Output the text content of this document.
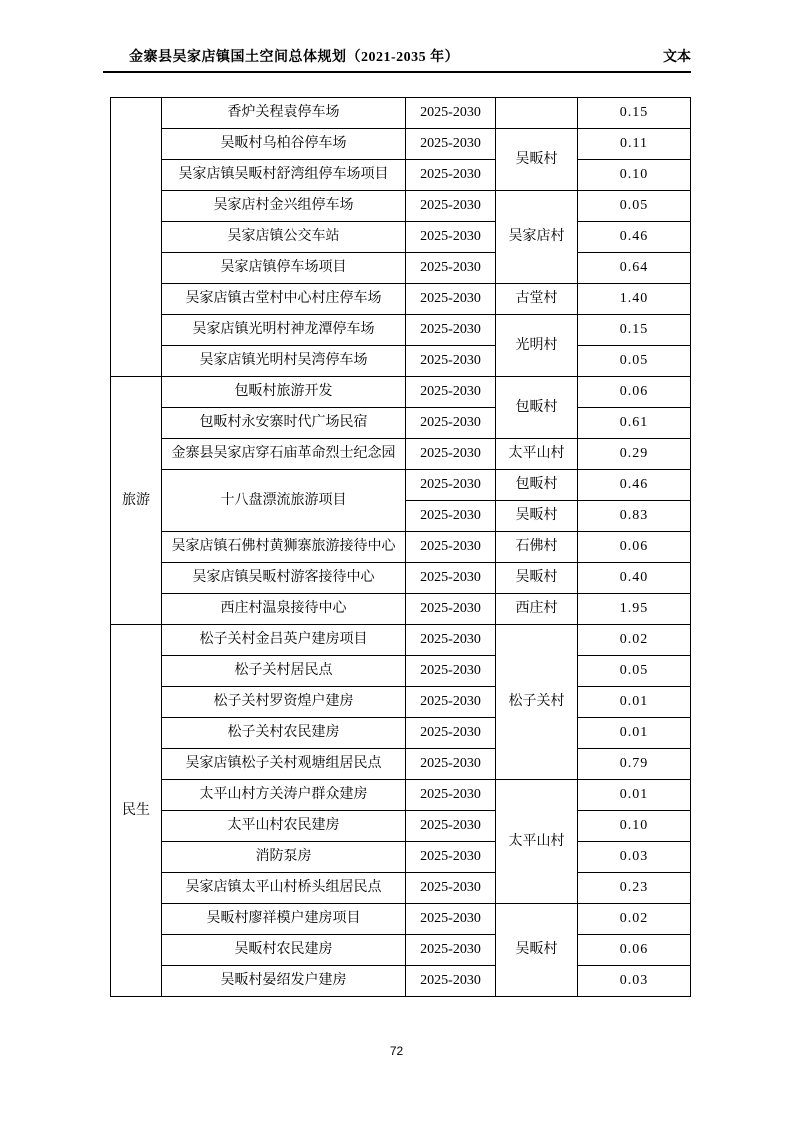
金寨县吴家店镇国土空间总体规划（2021-2035 年）	文本
	香炉关程袁停车场	2025-2030		0.15
	吴畈村乌柏谷停车场	2025-2030	吴畈村	0.11
	吴家店镇吴畈村舒湾组停车场项目	2025-2030		0.10
	吴家店村金兴组停车场	2025-2030	吴家店村	0.05
	吴家店镇公交车站	2025-2030		0.46
	吴家店镇停车场项目	2025-2030		0.64
	吴家店镇古堂村中心村庄停车场	2025-2030	古堂村	1.40
	吴家店镇光明村神龙潭停车场	2025-2030	光明村	0.15
	吴家店镇光明村吴湾停车场	2025-2030		0.05
旅游	包畈村旅游开发	2025-2030	包畈村	0.06
	包畈村永安寨时代广场民宿	2025-2030		0.61
	金寨县吴家店穿石庙革命烈士纪念园	2025-2030	太平山村	0.29
	十八盘漂流旅游项目	2025-2030	包畈村	0.46
		2025-2030	吴畈村	0.83
	吴家店镇石佛村黄狮寨旅游接待中心	2025-2030	石佛村	0.06
	吴家店镇吴畈村游客接待中心	2025-2030	吴畈村	0.40
	西庄村温泉接待中心	2025-2030	西庄村	1.95
民生	松子关村金吕英户建房项目	2025-2030	松子关村	0.02
	松子关村居民点	2025-2030		0.05
	松子关村罗资煌户建房	2025-2030		0.01
	松子关村农民建房	2025-2030		0.01
	吴家店镇松子关村观塘组居民点	2025-2030		0.79
	太平山村方关涛户群众建房	2025-2030	太平山村	0.01
	太平山村农民建房	2025-2030		0.10
	消防泵房	2025-2030		0.03
	吴家店镇太平山村桥头组居民点	2025-2030		0.23
	吴畈村廖祥模户建房项目	2025-2030	吴畈村	0.02
	吴畈村农民建房	2025-2030		0.06
	吴畈村晏绍发户建房	2025-2030		0.03
72
